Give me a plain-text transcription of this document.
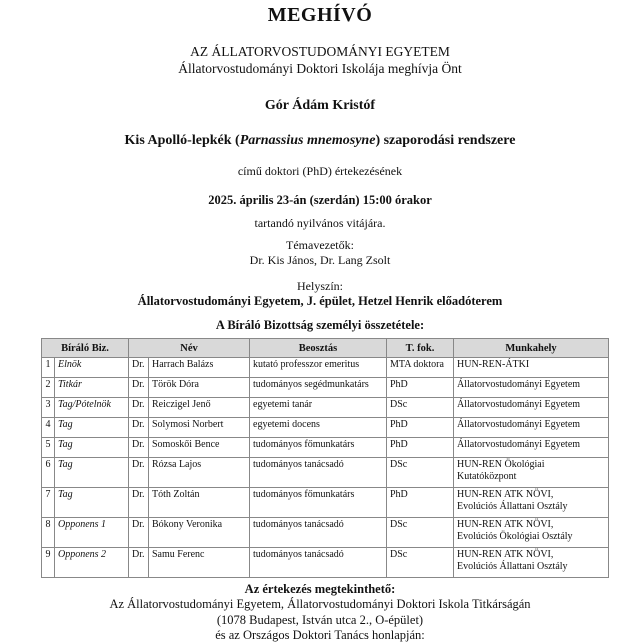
MEGHÍVÓ
AZ ÁLLATORVOSTUDOMÁNYI EGYETEM
Állatorvostudományi Doktori Iskolája meghívja Önt
Gór Ádám Kristóf
Kis Apolló-lepkék (Parnassius mnemosyne) szaporodási rendszere
című doktori (PhD) értekezésének
2025. április 23-án (szerdán) 15:00 órakor
tartandó nyilvános vitájára.
Témavezetők:
Dr. Kis János, Dr. Lang Zsolt
Helyszín:
Állatorvostudományi Egyetem, J. épület, Hetzel Henrik előadóterem
A Bíráló Bizottság személyi összetétele:
Bíráló Biz.		Név		Beosztás	T. fok.	Munkahely
1	Elnök	Dr.	Harrach Balázs	kutató professzor emeritus	MTA doktora	HUN-REN-ÁTKI

2	Titkár	Dr.	Török Dóra	tudományos segédmunkatárs	PhD	Állatorvostudományi Egyetem

3	Tag/Pótelnök	Dr.	Reiczigel Jenő	egyetemi tanár	DSc	Állatorvostudományi Egyetem

4	Tag	Dr.	Solymosi Norbert	egyetemi docens	PhD	Állatorvostudományi Egyetem

5	Tag	Dr.	Somoskői Bence	tudományos főmunkatárs	PhD	Állatorvostudományi Egyetem

6	Tag	Dr.	Rózsa Lajos	tudományos tanácsadó	DSc	HUN-REN Ökológiai
Kutatóközpont

7	Tag	Dr.	Tóth Zoltán	tudományos főmunkatárs	PhD	HUN-REN ATK NÖVI,
Evolúciós Állattani Osztály

8	Opponens 1	Dr.	Bókony Veronika	tudományos tanácsadó	DSc	HUN-REN ATK NÖVI,
Evolúciós Ökológiai Osztály

9	Opponens 2	Dr.	Samu Ferenc	tudományos tanácsadó	DSc	HUN-REN ATK NÖVI,
Evolúciós Állattani Osztály
Az értekezés megtekinthető:
Az Állatorvostudományi Egyetem, Állatorvostudományi Doktori Iskola Titkárságán
(1078 Budapest, István utca 2., O-épület)
és az Országos Doktori Tanács honlapján:
